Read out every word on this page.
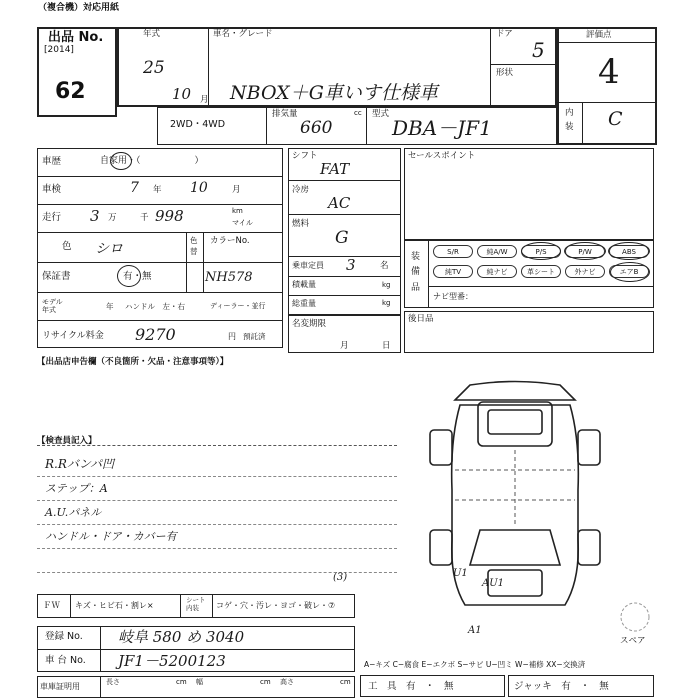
（複合機）対応用紙
出品 No.
[2014]
62
年式	車名・グレード	ドア
形状
25
10 月 NBOX＋G車いす仕様車
5
評価点
4
内装 C
2WD・4WD
排気量	cc
660
型式
DBA－JF1
車歴	自家用・（　　　　　　）
車検	7 年 10	月
走行 3 万	千 998	km
マイル
色 シロ
色替
カラーNo.
NH578
保証書	有・無
モデル年式	年 ハンドル　左・右	ディーラー・並行
リサイクル料金 9270	円 預託済
シフト
FAT
冷房
AC
燃料
G
乗車定員 3	名
積載量	kg
総重量	kg
名変期限
月	日
セールスポイント
装備品
S/R	純A/W	P/S	P/W	ABS
純TV	純ナビ	革シート	外ナビ	エアB
ナビ型番：
後日品
【出品店申告欄（不良箇所・欠品・注意事項等）】
【検査員記入】
R.Rバンパ凹
ステップ：A
A.U.パネル
ハンドル・ドア・カバー有
U1
AU1
A1
スペア
ＦＷ キズ・ヒビ石・割レ×
シート内装	コゲ・穴・汚レ・ヨゴ・破レ・⑦
(3)
登録 No. 岐阜 580 め 3040
車 台 No. JF1－5200123
車庫証明用	長さ	cm 幅	cm 高さ	cm
A−キズ C−腐食 E−エクボ S−サビ U−凹ミ W−補修 XX−交換済
工　具　有　・　無	ジャッキ　有　・　無
